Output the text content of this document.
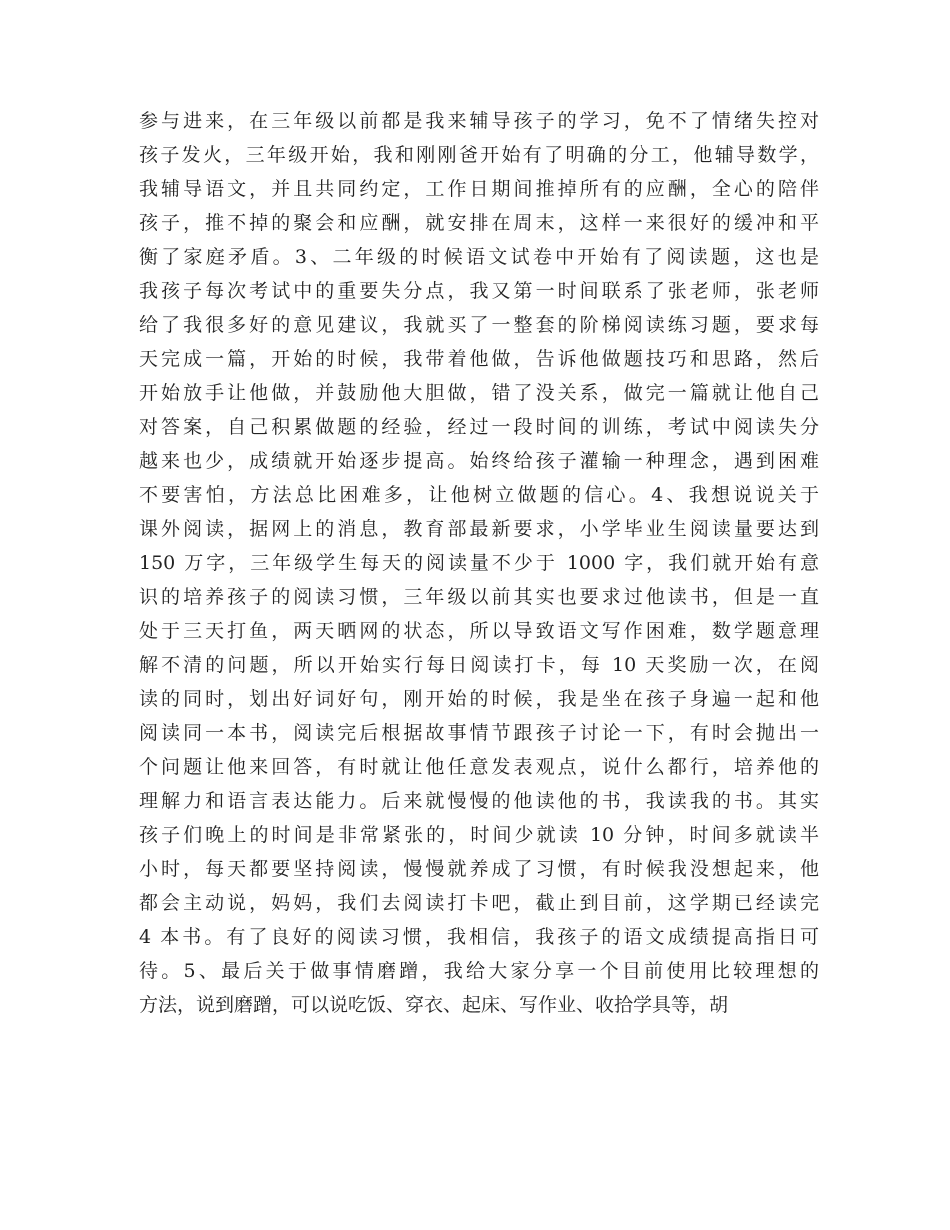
参与进来，在三年级以前都是我来辅导孩子的学习，免不了情绪失控对
孩子发火，三年级开始，我和刚刚爸开始有了明确的分工，他辅导数学，
我辅导语文，并且共同约定，工作日期间推掉所有的应酬，全心的陪伴
孩子，推不掉的聚会和应酬，就安排在周末，这样一来很好的缓冲和平
衡了家庭矛盾。3、二年级的时候语文试卷中开始有了阅读题，这也是
我孩子每次考试中的重要失分点，我又第一时间联系了张老师，张老师
给了我很多好的意见建议，我就买了一整套的阶梯阅读练习题，要求每
天完成一篇，开始的时候，我带着他做，告诉他做题技巧和思路，然后
开始放手让他做，并鼓励他大胆做，错了没关系，做完一篇就让他自己
对答案，自己积累做题的经验，经过一段时间的训练，考试中阅读失分
越来也少，成绩就开始逐步提高。始终给孩子灌输一种理念，遇到困难
不要害怕，方法总比困难多，让他树立做题的信心。4、我想说说关于
课外阅读，据网上的消息，教育部最新要求，小学毕业生阅读量要达到
150 万字，三年级学生每天的阅读量不少于 1000 字，我们就开始有意
识的培养孩子的阅读习惯，三年级以前其实也要求过他读书，但是一直
处于三天打鱼，两天晒网的状态，所以导致语文写作困难，数学题意理
解不清的问题，所以开始实行每日阅读打卡，每 10 天奖励一次，在阅
读的同时，划出好词好句，刚开始的时候，我是坐在孩子身遍一起和他
阅读同一本书，阅读完后根据故事情节跟孩子讨论一下，有时会抛出一
个问题让他来回答，有时就让他任意发表观点，说什么都行，培养他的
理解力和语言表达能力。后来就慢慢的他读他的书，我读我的书。其实
孩子们晚上的时间是非常紧张的，时间少就读 10 分钟，时间多就读半
小时，每天都要坚持阅读，慢慢就养成了习惯，有时候我没想起来，他
都会主动说，妈妈，我们去阅读打卡吧，截止到目前，这学期已经读完
4 本书。有了良好的阅读习惯，我相信，我孩子的语文成绩提高指日可
待。5、最后关于做事情磨蹭，我给大家分享一个目前使用比较理想的
方法，说到磨蹭，可以说吃饭、穿衣、起床、写作业、收拾学具等，胡
